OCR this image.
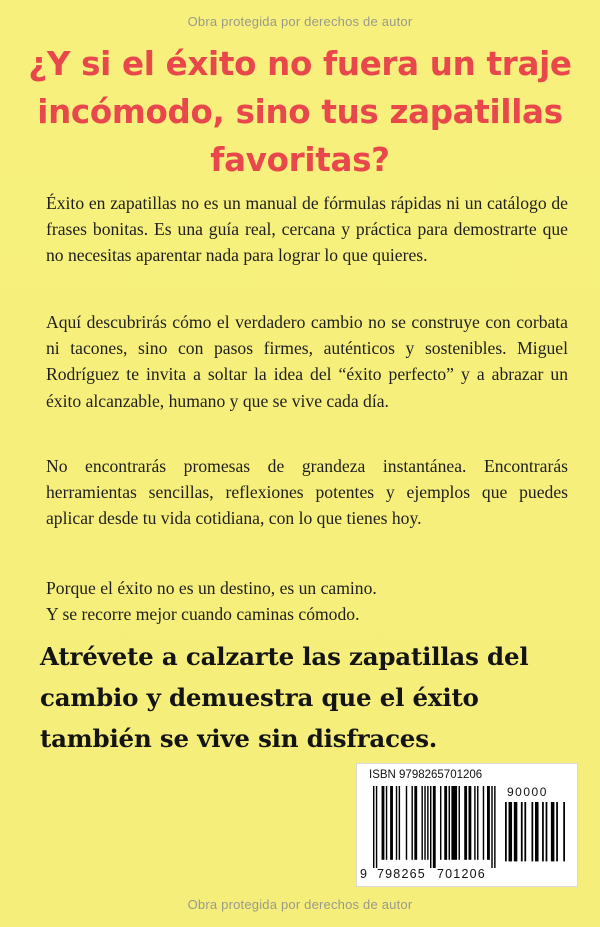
Obra protegida por derechos de autor
¿Y si el éxito no fuera un traje incómodo, sino tus zapatillas favoritas?

Éxito en zapatillas no es un manual de fórmulas rápidas ni un catálogo de frases bonitas. Es una guía real, cercana y práctica para demostrarte que no necesitas aparentar nada para lograr lo que quieres.

Aquí descubrirás cómo el verdadero cambio no se construye con corbata ni tacones, sino con pasos firmes, auténticos y sostenibles. Miguel Rodríguez te invita a soltar la idea del “éxito perfecto” y a abrazar un éxito alcanzable, humano y que se vive cada día.

No encontrarás promesas de grandeza instantánea. Encontrarás herramientas sencillas, reflexiones potentes y ejemplos que puedes aplicar desde tu vida cotidiana, con lo que tienes hoy.

Porque el éxito no es un destino, es un camino.
Y se recorre mejor cuando caminas cómodo.

Atrévete a calzarte las zapatillas del cambio y demuestra que el éxito también se vive sin disfraces.

ISBN 9798265701206
90000
9 798265 701206
Obra protegida por derechos de autor
